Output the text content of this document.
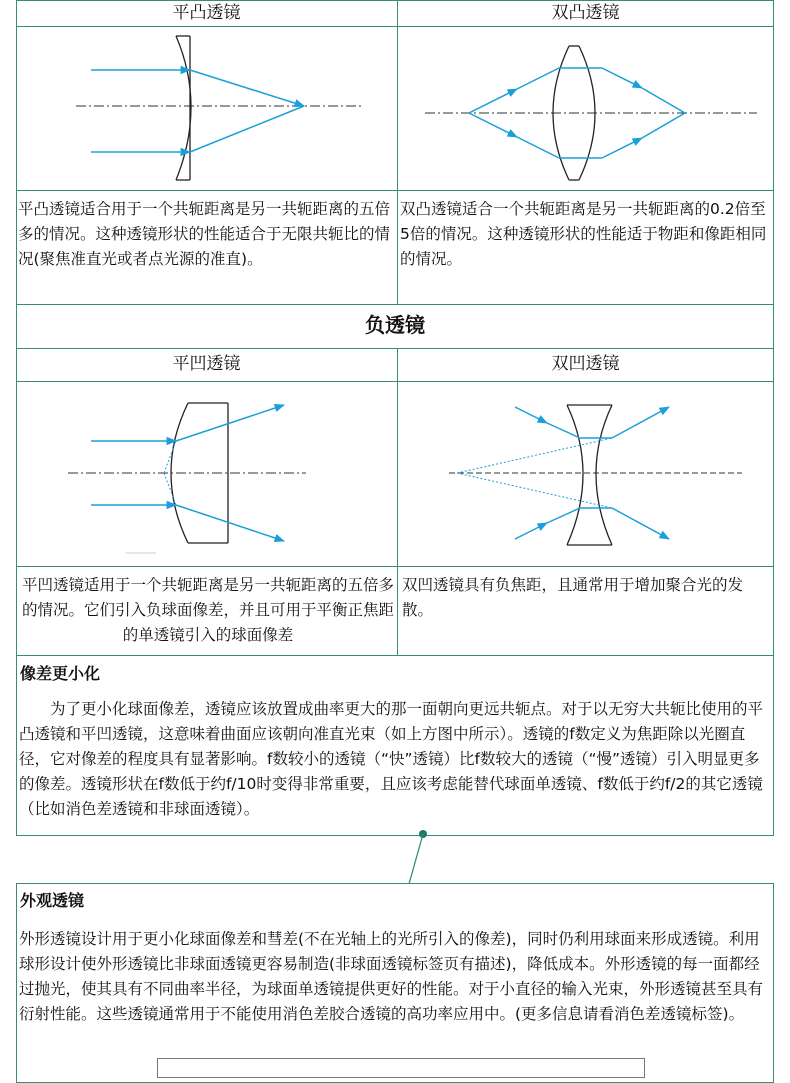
平凸透镜	双凸透镜
平凸透镜适合用于一个共轭距离是另一共轭距离的五倍多的情况。这种透镜形状的性能适合于无限共轭比的情况(聚焦准直光或者点光源的准直)。
双凸透镜适合一个共轭距离是另一共轭距离的0.2倍至5倍的情况。这种透镜形状的性能适于物距和像距相同的情况。
负透镜
平凹透镜	双凹透镜
平凹透镜适用于一个共轭距离是另一共轭距离的五倍多的情况。它们引入负球面像差，并且可用于平衡正焦距的单透镜引入的球面像差
双凹透镜具有负焦距，且通常用于增加聚合光的发散。
像差更小化
为了更小化球面像差，透镜应该放置成曲率更大的那一面朝向更远共轭点。对于以无穷大共轭比使用的平凸透镜和平凹透镜，这意味着曲面应该朝向准直光束（如上方图中所示）。透镜的f数定义为焦距除以光圈直径，它对像差的程度具有显著影响。f数较小的透镜（“快”透镜）比f数较大的透镜（“慢”透镜）引入明显更多的像差。透镜形状在f数低于约f/10时变得非常重要，且应该考虑能替代球面单透镜、f数低于约f/2的其它透镜（比如消色差透镜和非球面透镜）。
外观透镜
外形透镜设计用于更小化球面像差和彗差(不在光轴上的光所引入的像差)，同时仍利用球面来形成透镜。利用球形设计使外形透镜比非球面透镜更容易制造(非球面透镜标签页有描述)，降低成本。外形透镜的每一面都经过抛光，使其具有不同曲率半径，为球面单透镜提供更好的性能。对于小直径的输入光束，外形透镜甚至具有衍射性能。这些透镜通常用于不能使用消色差胶合透镜的高功率应用中。(更多信息请看消色差透镜标签)。
